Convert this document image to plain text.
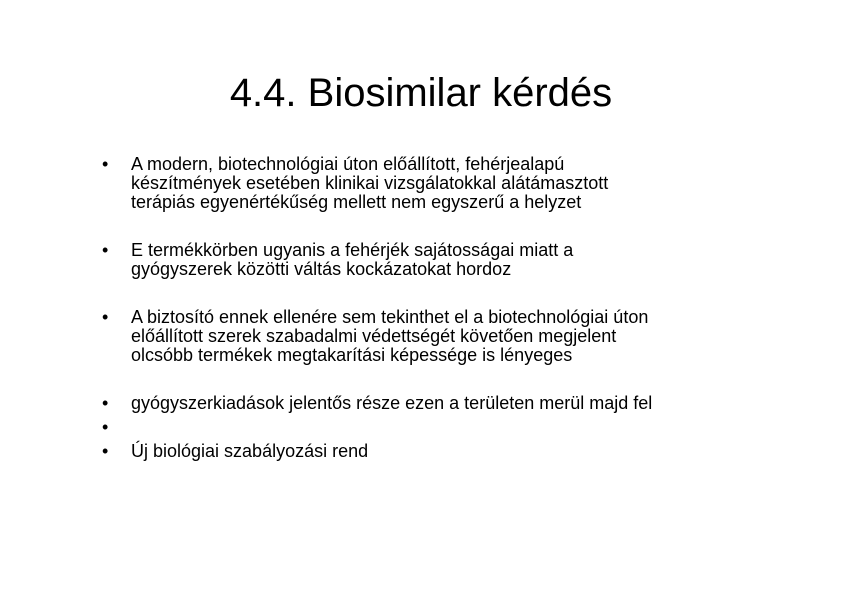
4.4. Biosimilar kérdés
• A modern, biotechnológiai úton előállított, fehérjealapú
készítmények esetében klinikai vizsgálatokkal alátámasztott
terápiás egyenértékűség mellett nem egyszerű a helyzet
• E termékkörben ugyanis a fehérjék sajátosságai miatt a
gyógyszerek közötti váltás kockázatokat hordoz
• A biztosító ennek ellenére sem tekinthet el a biotechnológiai úton
előállított szerek szabadalmi védettségét követően megjelent
olcsóbb termékek megtakarítási képessége is lényeges
• gyógyszerkiadások jelentős része ezen a területen merül majd fel
•

• Új biológiai szabályozási rend
